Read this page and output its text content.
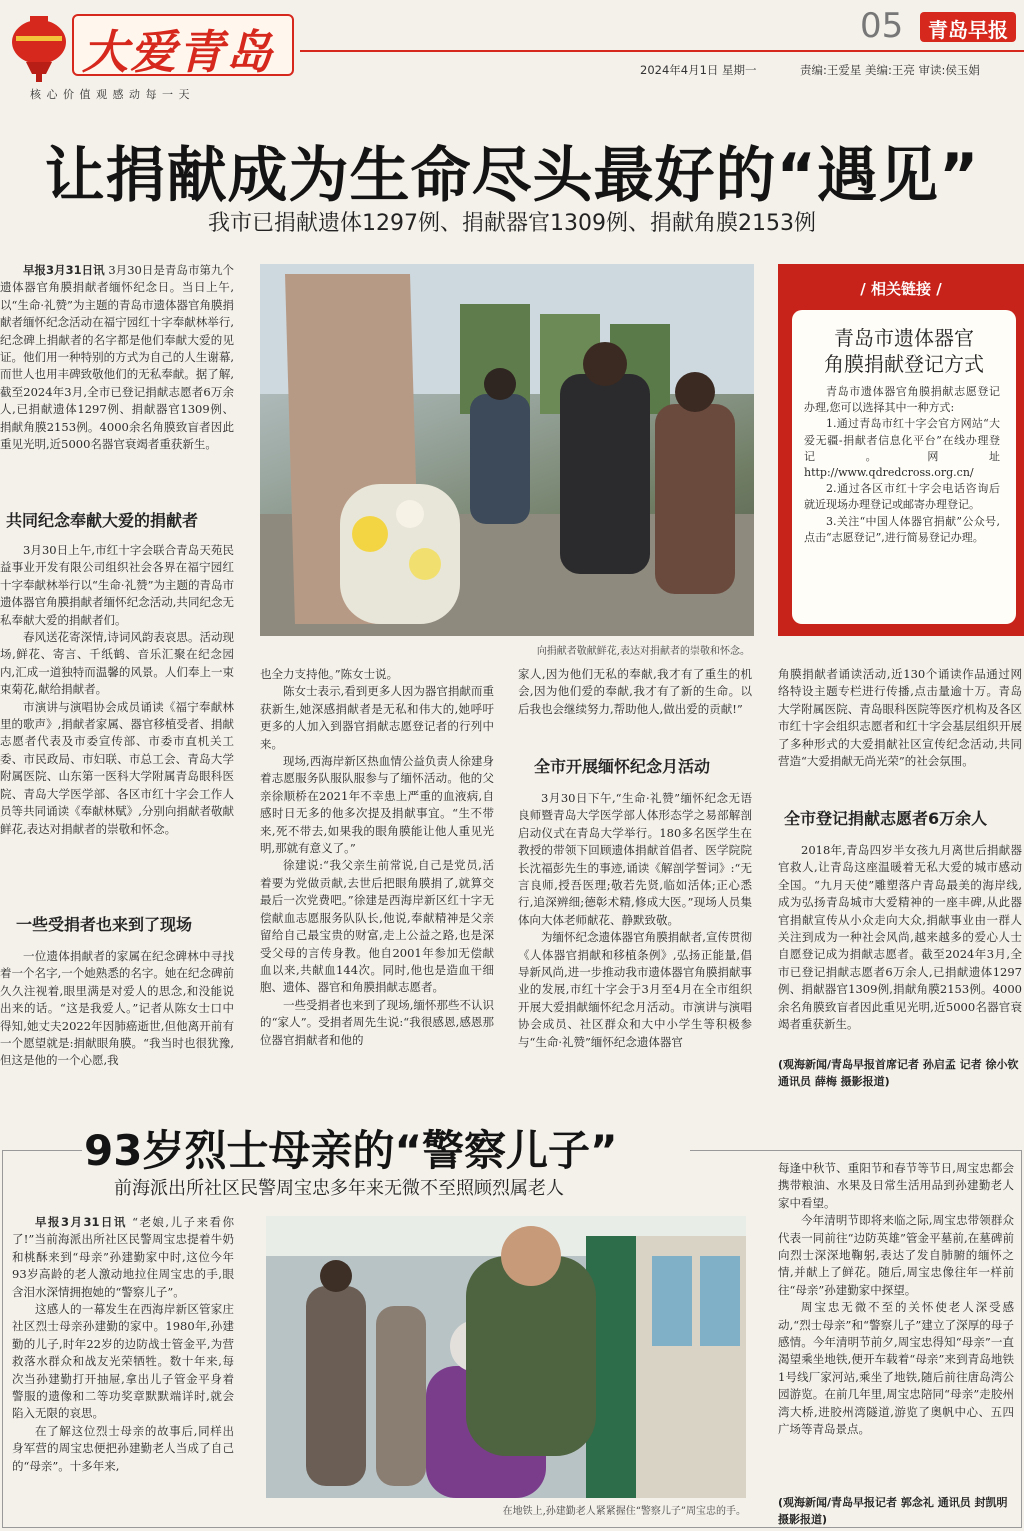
大爱青岛
核 心 价 值 观 感 动 每 一 天
05	青岛早报
2024年4月1日 星期一	责编:王爱星 美编:王亮 审读:侯玉娟
让捐献成为生命尽头最好的“遇见”
我市已捐献遗体1297例、捐献器官1309例、捐献角膜2153例

早报3月31日讯 3月30日是青岛市第九个遗体器官角膜捐献者缅怀纪念日。当日上午,以“生命·礼赞”为主题的青岛市遗体器官角膜捐献者缅怀纪念活动在福宁园红十字奉献林举行,纪念碑上捐献者的名字都是他们奉献大爱的见证。他们用一种特别的方式为自己的人生谢幕,而世人也用丰碑致敬他们的无私奉献。据了解,截至2024年3月,全市已登记捐献志愿者6万余人,已捐献遗体1297例、捐献器官1309例、捐献角膜2153例。4000余名角膜致盲者因此重见光明,近5000名器官衰竭者重获新生。

共同纪念奉献大爱的捐献者

3月30日上午,市红十字会联合青岛天苑民益事业开发有限公司组织社会各界在福宁园红十字奉献林举行以“生命·礼赞”为主题的青岛市遗体器官角膜捐献者缅怀纪念活动,共同纪念无私奉献大爱的捐献者们。

春风送花寄深情,诗词风韵表哀思。活动现场,鲜花、寄言、千纸鹤、音乐汇聚在纪念园内,汇成一道独特而温馨的风景。人们奉上一束束菊花,献给捐献者。

市演讲与演唱协会成员诵读《福宁奉献林里的歌声》,捐献者家属、器官移植受者、捐献志愿者代表及市委宣传部、市委市直机关工委、市民政局、市妇联、市总工会、青岛大学附属医院、山东第一医科大学附属青岛眼科医院、青岛大学医学部、各区市红十字会工作人员等共同诵读《奉献林赋》,分别向捐献者敬献鲜花,表达对捐献者的崇敬和怀念。

一些受捐者也来到了现场

一位遗体捐献者的家属在纪念碑林中寻找着一个名字,一个她熟悉的名字。她在纪念碑前久久注视着,眼里满是对爱人的思念,和没能说出来的话。“这是我爱人。”记者从陈女士口中得知,她丈夫2022年因肺癌逝世,但他离开前有一个愿望就是:捐献眼角膜。“我当时也很犹豫,但这是他的一个心愿,我

向捐献者敬献鲜花,表达对捐献者的崇敬和怀念。
/ 相关链接 /
青岛市遗体器官
角膜捐献登记方式

青岛市遗体器官角膜捐献志愿登记办理,您可以选择其中一种方式:

1.通过青岛市红十字会官方网站“大爱无疆-捐献者信息化平台”在线办理登记。网址http://www.qdredcross.org.cn/

2.通过各区市红十字会电话咨询后就近现场办理登记或邮寄办理登记。

3.关注“中国人体器官捐献”公众号,点击“志愿登记”,进行简易登记办理。

也全力支持他。”陈女士说。

陈女士表示,看到更多人因为器官捐献而重获新生,她深感捐献者是无私和伟大的,她呼吁更多的人加入到器官捐献志愿登记者的行列中来。

现场,西海岸新区热血情公益负责人徐建身着志愿服务队服队服参与了缅怀活动。他的父亲徐顺桥在2021年不幸患上严重的血液病,自感时日无多的他多次提及捐献事宜。“生不带来,死不带去,如果我的眼角膜能让他人重见光明,那就有意义了。”

徐建说:“我父亲生前常说,自己是党员,活着要为党做贡献,去世后把眼角膜捐了,就算交最后一次党费吧。”徐建是西海岸新区红十字无偿献血志愿服务队队长,他说,奉献精神是父亲留给自己最宝贵的财富,走上公益之路,也是深受父母的言传身教。他自2001年参加无偿献血以来,共献血144次。同时,他也是造血干细胞、遗体、器官和角膜捐献志愿者。

一些受捐者也来到了现场,缅怀那些不认识的“家人”。受捐者周先生说:“我很感恩,感恩那位器官捐献者和他的

家人,因为他们无私的奉献,我才有了重生的机会,因为他们爱的奉献,我才有了新的生命。以后我也会继续努力,帮助他人,做出爱的贡献!”

全市开展缅怀纪念月活动

3月30日下午,“生命·礼赞”缅怀纪念无语良师暨青岛大学医学部人体形态学之易部解剖启动仪式在青岛大学举行。180多名医学生在教授的带领下回顾遗体捐献首倡者、医学院院长沈福彭先生的事迹,诵读《解剖学誓词》:“无言良师,授吾医理;敬若先贤,临如活体;正心悉行,追深辨细;德彰术精,修成大医。”现场人员集体向大体老师献花、静默致敬。

为缅怀纪念遗体器官角膜捐献者,宣传贯彻《人体器官捐献和移植条例》,弘扬正能量,倡导新风尚,进一步推动我市遗体器官角膜捐献事业的发展,市红十字会于3月至4月在全市组织开展大爱捐献缅怀纪念月活动。市演讲与演唱协会成员、社区群众和大中小学生等积极参与“生命·礼赞”缅怀纪念遗体器官

角膜捐献者诵读活动,近130个诵读作品通过网络特设主题专栏进行传播,点击量逾十万。青岛大学附属医院、青岛眼科医院等医疗机构及各区市红十字会组织志愿者和红十字会基层组织开展了多种形式的大爱捐献社区宣传纪念活动,共同营造“大爱捐献无尚光荣”的社会氛围。

全市登记捐献志愿者6万余人

2018年,青岛四岁半女孩九月离世后捐献器官救人,让青岛这座温暖着无私大爱的城市感动全国。“九月天使”雕塑落户青岛最美的海岸线,成为弘扬青岛城市大爱精神的一座丰碑,从此器官捐献宣传从小众走向大众,捐献事业由一群人关注到成为一种社会风尚,越来越多的爱心人士自愿登记成为捐献志愿者。截至2024年3月,全市已登记捐献志愿者6万余人,已捐献遗体1297例、捐献器官1309例,捐献角膜2153例。4000余名角膜致盲者因此重见光明,近5000名器官衰竭者重获新生。

(观海新闻/青岛早报首席记者 孙启孟 记者 徐小钦 通讯员 薛梅 摄影报道)
93岁烈士母亲的“警察儿子”
前海派出所社区民警周宝忠多年来无微不至照顾烈属老人

早报3月31日讯 “老娘,儿子来看你了!”当前海派出所社区民警周宝忠提着牛奶和桃酥来到“母亲”孙建勤家中时,这位今年93岁高龄的老人激动地拉住周宝忠的手,眼含泪水深情拥抱她的“警察儿子”。

这感人的一幕发生在西海岸新区管家庄社区烈士母亲孙建勤的家中。1980年,孙建勤的儿子,时年22岁的边防战士管金平,为营救落水群众和战友光荣牺牲。数十年来,每次当孙建勤打开抽屉,拿出儿子管金平身着警服的遗像和二等功奖章默默端详时,就会陷入无限的哀思。

在了解这位烈士母亲的故事后,同样出身军营的周宝忠便把孙建勤老人当成了自己的“母亲”。十多年来,

在地铁上,孙建勤老人紧紧握住“警察儿子”周宝忠的手。

每逢中秋节、重阳节和春节等节日,周宝忠都会携带粮油、水果及日常生活用品到孙建勤老人家中看望。

今年清明节即将来临之际,周宝忠带领群众代表一同前往“边防英雄”管金平墓前,在墓碑前向烈士深深地鞠躬,表达了发自肺腑的缅怀之情,并献上了鲜花。随后,周宝忠像往年一样前往“母亲”孙建勤家中探望。

周宝忠无微不至的关怀使老人深受感动,“烈士母亲”和“警察儿子”建立了深厚的母子感情。今年清明节前夕,周宝忠得知“母亲”一直渴望乘坐地铁,便开车载着“母亲”来到青岛地铁1号线厂家河站,乘坐了地铁,随后前往唐岛湾公园游览。在前几年里,周宝忠陪同“母亲”走胶州湾大桥,进胶州湾隧道,游览了奥帆中心、五四广场等青岛景点。

(观海新闻/青岛早报记者 郭念礼 通讯员 封凯明 摄影报道)
